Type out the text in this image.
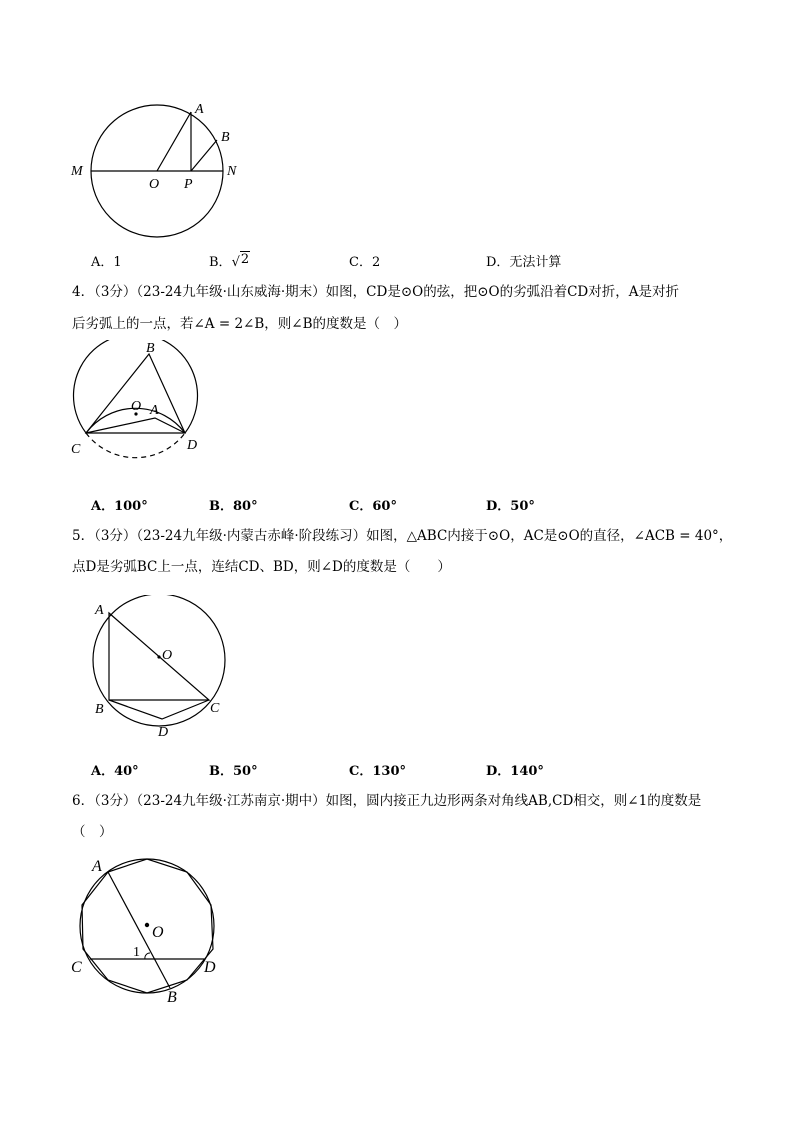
A
B
M	N
O P
A．1	B．√ 2	C．2	D．无法计算
4．（3分）（23-24九年级·山东威海·期末）如图，CD是⊙O的弦，把⊙O的劣弧沿着CD对折，A是对折
后劣弧上的一点，若∠A = 2∠B，则∠B的度数是（　）
B
O A
C	D
A．100°	B．80°	C．60°	D．50°
5．（3分）（23-24九年级·内蒙古赤峰·阶段练习）如图，△ABC内接于⊙O，AC是⊙O的直径，∠ACB = 40°，
点D是劣弧BC上一点，连结CD、BD，则∠D的度数是（　　）
A
O
B	C
D
A．40°	B．50°	C．130°	D．140°
6．（3分）（23-24九年级·江苏南京·期中）如图，圆内接正九边形两条对角线AB,CD相交，则∠1的度数是
（　）
A
O
1
C	D
B
